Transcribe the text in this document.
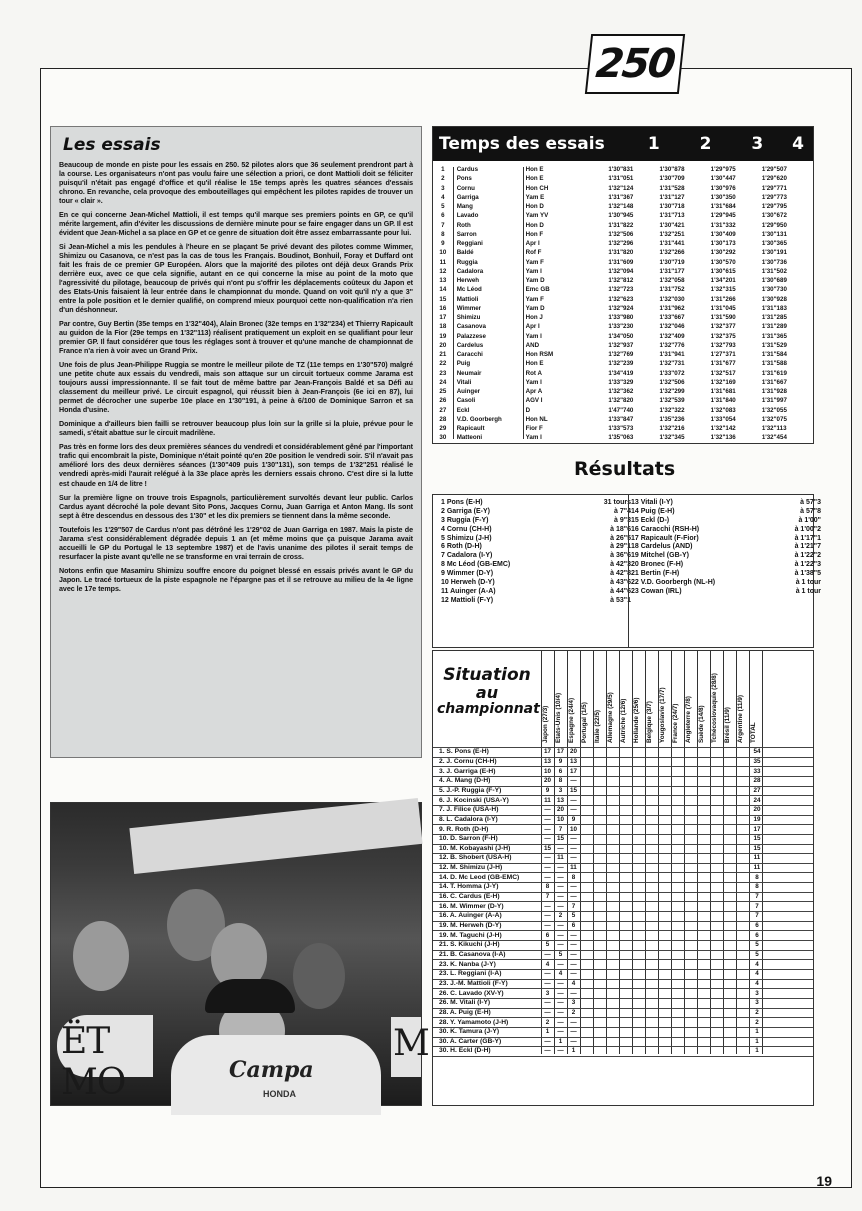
250
Les essais

Beaucoup de monde en piste pour les essais en 250. 52 pilotes alors que 36 seulement prendront part à la course. Les organisateurs n'ont pas voulu faire une sélection a priori, ce dont Mattioli doit se féliciter puisqu'il n'était pas engagé d'office et qu'il réalise le 15e temps après les quatres séances d'essais chrono. En revanche, cela provoque des embouteillages qui empêchent les pilotes rapides de trouver un tour « clair ».

En ce qui concerne Jean-Michel Mattioli, il est temps qu'il marque ses premiers points en GP, ce qu'il mérite largement, afin d'éviter les discussions de dernière minute pour se faire engager dans un GP. Il est évident que Jean-Michel a sa place en GP et ce genre de situation doit être assez embarrassante pour lui.

Si Jean-Michel a mis les pendules à l'heure en se plaçant 5e privé devant des pilotes comme Wimmer, Shimizu ou Casanova, ce n'est pas la cas de tous les Français. Boudinot, Bonhuil, Foray et Duffard ont fait les frais de ce premier GP Européen. Alors que la majorité des pilotes ont déjà deux Grands Prix derrière eux, avec ce que cela signifie, autant en ce qui concerne la mise au point de la moto que l'agressivité du pilotage, beaucoup de privés qui n'ont pu s'offrir les déplacements coûteux du Japon et des Etats-Unis faisaient là leur entrée dans le championnat du monde. Quand on voit qu'il n'y a que 3" entre la pole position et le dernier qualifié, on comprend mieux pourquoi cette non-qualification n'a rien d'un déshonneur.

Par contre, Guy Bertin (35e temps en 1'32"404), Alain Bronec (32e temps en 1'32"234) et Thierry Rapicault au guidon de la Fior (29e temps en 1'32"113) réalisent pratiquement un exploit en se qualifiant pour leur premier GP. Il faut considérer que tous les réglages sont à trouver et qu'une manche de championnat de France n'a rien à voir avec un Grand Prix.

Une fois de plus Jean-Philippe Ruggia se montre le meilleur pilote de TZ (11e temps en 1'30"570) malgré une petite chute aux essais du vendredi, mais son attaque sur un circuit tortueux comme Jarama est toujours aussi impressionnante. Il se fait tout de même battre par Jean-François Baldé et sa Défi au classement du meilleur privé. Le circuit espagnol, qui réussit bien à Jean-François (6e ici en 87), lui permet de décrocher une superbe 10e place en 1'30"191, à peine à 6/100 de Dominique Sarron et sa Honda d'usine.

Dominique a d'ailleurs bien failli se retrouver beaucoup plus loin sur la grille si la pluie, prévue pour le samedi, s'était abattue sur le circuit madrilène.

Pas très en forme lors des deux premières séances du vendredi et considérablement gêné par l'important trafic qui encombrait la piste, Dominique n'était pointé qu'en 20e position le vendredi soir. S'il n'avait pas amélioré lors des deux dernières séances (1'30"409 puis 1'30"131), son temps de 1'32"251 réalisé le vendredi après-midi l'aurait relégué à la 33e place après les derniers essais chrono. C'est dire si la lutte est chaude en 1/4 de litre !

Sur la première ligne on trouve trois Espagnols, particulièrement survoltés devant leur public. Carlos Cardus ayant décroché la pole devant Sito Pons, Jacques Cornu, Juan Garriga et Anton Mang. Ils sont sept à être descendus en dessous des 1'30" et les dix premiers se tiennent dans la même seconde.

Toutefois les 1'29"507 de Cardus n'ont pas détrôné les 1'29"02 de Juan Garriga en 1987. Mais la piste de Jarama s'est considérablement dégradée depuis 1 an (et même moins que ça puisque Jarama avait accueilli le GP du Portugal le 13 septembre 1987) et de l'avis unanime des pilotes il serait temps de resurfacer la piste avant qu'elle ne se transforme en vrai terrain de cross.

Notons enfin que Masamiru Shimizu souffre encore du poignet blessé en essais privés avant le GP du Japon. Le tracé tortueux de la piste espagnole ne l'épargne pas et il se retrouve au milieu de la 4e ligne avec le 17e temps.

ËT MO
M
Campa
HONDA
Temps des essais	1	2	3	4
1	Cardus	Hon E	1'30"831	1'30"878	1'29"975	1'29"507
2	Pons	Hon E	1'31"051	1'30"709	1'30"447	1'29"620
3	Cornu	Hon CH	1'32"124	1'31"528	1'30"976	1'29"771
4	Garriga	Yam E	1'31"367	1'31"127	1'30"350	1'29"773
5	Mang	Hon D	1'32"148	1'30"718	1'31"684	1'29"795
6	Lavado	Yam YV	1'30"945	1'31"713	1'29"945	1'30"672
7	Roth	Hon D	1'31"822	1'30"421	1'31"332	1'29"950
8	Sarron	Hon F	1'32"506	1'32"251	1'30"409	1'30"131
9	Reggiani	Apr I	1'32"296	1'31"441	1'30"173	1'30"365
10	Baldé	Rof F	1'31"820	1'32"266	1'30"292	1'30"191
11	Ruggia	Yam F	1'31"609	1'30"719	1'30"570	1'30"736
12	Cadalora	Yam I	1'32"094	1'31"177	1'30"615	1'31"502
13	Herweh	Yam D	1'32"812	1'32"058	1'34"201	1'30"689
14	Mc Léod	Emc GB	1'32"723	1'31"752	1'32"315	1'30"730
15	Mattioli	Yam F	1'32"623	1'32"030	1'31"266	1'30"928
16	Wimmer	Yam D	1'32"924	1'31"962	1'31"045	1'31"183
17	Shimizu	Hon J	1'33"980	1'33"667	1'31"590	1'31"285
18	Casanova	Apr I	1'33"230	1'32"046	1'32"377	1'31"289
19	Palazzese	Yam I	1'34"050	1'32"409	1'32"375	1'31"365
20	Cardelus	AND	1'32"937	1'32"776	1'32"793	1'31"529
21	Caracchi	Hon RSM	1'32"769	1'31"941	1'27"371	1'31"584
22	Puig	Hon E	1'32"239	1'32"731	1'31"677	1'31"588
23	Neumair	Rot A	1'34"419	1'33"072	1'32"517	1'31"619
24	Vitali	Yam I	1'33"329	1'32"506	1'32"169	1'31"667
25	Auinger	Apr A	1'32"362	1'32"299	1'31"681	1'31"928
26	Casoli	AGV I	1'32"820	1'32"539	1'31"840	1'31"997
27	Eckl	D	1'47"740	1'32"322	1'32"083	1'32"055
28	V.D. Goorbergh	Hon NL	1'33"847	1'35"236	1'33"054	1'32"075
29	Rapicault	Fior F	1'33"573	1'32"216	1'32"142	1'32"113
30	Matteoni	Yam I	1'35"063	1'32"345	1'32"136	1'32"454
Résultats
1 Pons (E-H)	31 tours
2 Garriga (E-Y)	à 7"4
3 Ruggia (F-Y)	à 9"3
4 Cornu (CH-H)	à 18"6
5 Shimizu (J-H)	à 26"5
6 Roth (D-H)	à 29"1
7 Cadalora (I-Y)	à 36"6
8 Mc Léod (GB-EMC)	à 42"3
9 Wimmer (D-Y)	à 42"8
10 Herweh (D-Y)	à 43"6
11 Auinger (A-A)	à 44"6
12 Mattioli (F-Y)	à 53"1
13 Vitali (I-Y)	à 57"3
14 Puig (E-H)	à 57"8
15 Eckl (D-)	à 1'00"
16 Caracchi (RSH-H)	à 1'00"2
17 Rapicault (F-Fior)	à 1'17"1
18 Cardelus (AND)	à 1'21"7
19 Mitchel (GB-Y)	à 1'22"2
20 Bronec (F-H)	à 1'22"3
21 Bertin (F-H)	à 1'38"5
22 V.D. Goorbergh (NL-H)	à 1 tour
23 Cowan (IRL)	à 1 tour
Situation
au
championnat Japon (27/3) Etats-Unis (10/4) Espagne (24/4) Portugal (1/5) Italie (22/5) Allemagne (29/5) Autriche (12/6) Hollande (25/6) Belgique (3/7) Yougoslavie (17/7) France (24/7) Angleterre (7/8) Suède (14/8) Tchécoslovaquie (28/8) Brésil (11/9) Argentine (11/9) TOTAL
1. S. Pons (E-H)	17 17 20	54
2. J. Cornu (CH-H)	13	9	13	35
3. J. Garriga (E-H)	10	6	17	33
4. A. Mang (D-H)	20	8	—	28
5. J.-P. Ruggia (F-Y)	9	3	15	27
6. J. Kocinski (USA-Y)	11 13	—	24
7. J. Filice (USA-H)	—	20	—	20
8. L. Cadalora (I-Y)	—	10	9	19
9. R. Roth (D-H)	—	7	10	17
10. D. Sarron (F-H)	—	15	—	15
10. M. Kobayashi (J-H)	15	—	—	15
12. B. Shobert (USA-H)	—	11	—	11
12. M. Shimizu (J-H)	—	—	11	11
14. D. Mc Leod (GB-EMC)	—	—	8	8
14. T. Homma (J-Y)	8	—	—	8
16. C. Cardus (E-H)	7	—	—	7
16. M. Wimmer (D-Y)	—	—	7	7
16. A. Auinger (A-A)	—	2	5	7
19. M. Herweh (D-Y)	—	—	6	6
19. M. Taguchi (J-H)	6	—	—	6
21. S. Kikuchi (J-H)	5	—	—	5
21. B. Casanova (I-A)	—	5	—	5
23. K. Nanba (J-Y)	4	—	—	4
23. L. Reggiani (I-A)	—	4	—	4
23. J.-M. Mattioli (F-Y)	—	—	4	4
26. C. Lavado (XV-Y)	3	—	—	3
26. M. Vitali (I-Y)	—	—	3	3
28. A. Puig (E-H)	—	—	2	2
28. Y. Yamamoto (J-H)	2	—	—	2
30. K. Tamura (J-Y)	1	—	—	1
30. A. Carter (GB-Y)	—	1	—	1
30. H. Eckl (D-H)	—	—	1	1
19
